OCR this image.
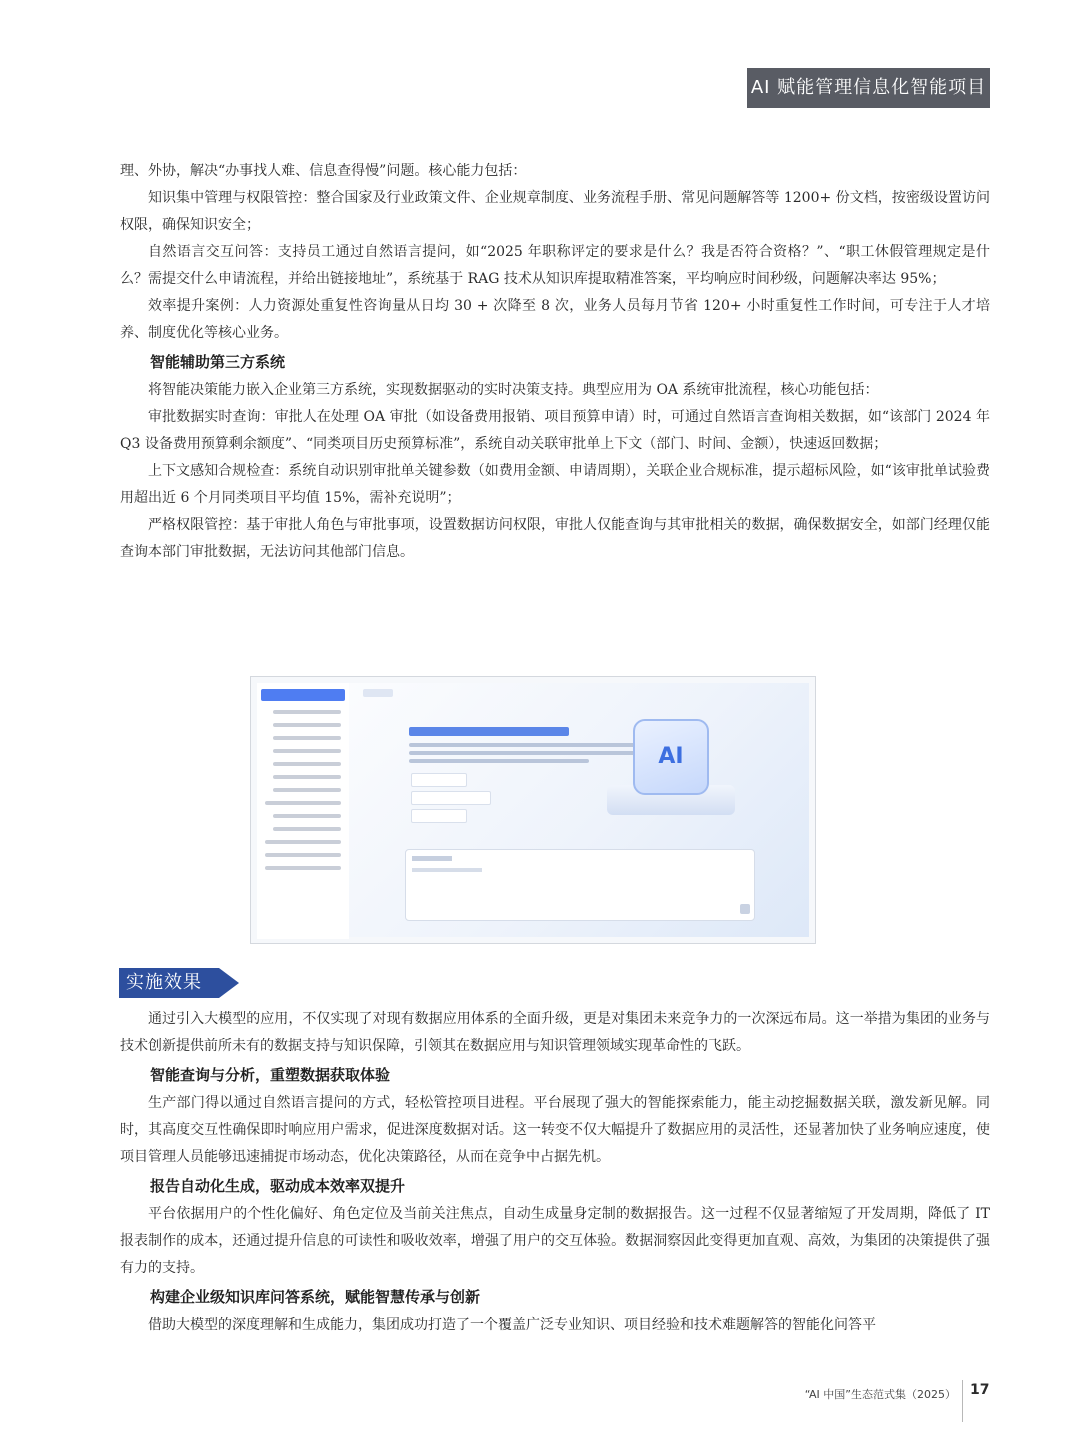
AI 赋能管理信息化智能项目

理、外协，解决“办事找人难、信息查得慢”问题。核心能力包括：

知识集中管理与权限管控：整合国家及行业政策文件、企业规章制度、业务流程手册、常见问题解答等 1200+ 份文档，按密级设置访问权限，确保知识安全；

自然语言交互问答：支持员工通过自然语言提问，如“2025 年职称评定的要求是什么？我是否符合资格？”、“职工休假管理规定是什么？需提交什么申请流程，并给出链接地址”，系统基于 RAG 技术从知识库提取精准答案，平均响应时间秒级，问题解决率达 95%；

效率提升案例：人力资源处重复性咨询量从日均 30 + 次降至 8 次，业务人员每月节省 120+ 小时重复性工作时间，可专注于人才培养、制度优化等核心业务。

智能辅助第三方系统

将智能决策能力嵌入企业第三方系统，实现数据驱动的实时决策支持。典型应用为 OA 系统审批流程，核心功能包括：

审批数据实时查询：审批人在处理 OA 审批（如设备费用报销、项目预算申请）时，可通过自然语言查询相关数据，如“该部门 2024 年 Q3 设备费用预算剩余额度”、“同类项目历史预算标准”，系统自动关联审批单上下文（部门、时间、金额），快速返回数据；

上下文感知合规检查：系统自动识别审批单关键参数（如费用金额、申请周期），关联企业合规标准，提示超标风险，如“该审批单试验费用超出近 6 个月同类项目平均值 15%，需补充说明”；

严格权限管控：基于审批人角色与审批事项，设置数据访问权限，审批人仅能查询与其审批相关的数据，确保数据安全，如部门经理仅能查询本部门审批数据，无法访问其他部门信息。

AI
实施效果

通过引入大模型的应用，不仅实现了对现有数据应用体系的全面升级，更是对集团未来竞争力的一次深远布局。这一举措为集团的业务与技术创新提供前所未有的数据支持与知识保障，引领其在数据应用与知识管理领域实现革命性的飞跃。

智能查询与分析，重塑数据获取体验

生产部门得以通过自然语言提问的方式，轻松管控项目进程。平台展现了强大的智能探索能力，能主动挖掘数据关联，激发新见解。同时，其高度交互性确保即时响应用户需求，促进深度数据对话。这一转变不仅大幅提升了数据应用的灵活性，还显著加快了业务响应速度，使项目管理人员能够迅速捕捉市场动态，优化决策路径，从而在竞争中占据先机。

报告自动化生成，驱动成本效率双提升

平台依据用户的个性化偏好、角色定位及当前关注焦点，自动生成量身定制的数据报告。这一过程不仅显著缩短了开发周期，降低了 IT 报表制作的成本，还通过提升信息的可读性和吸收效率，增强了用户的交互体验。数据洞察因此变得更加直观、高效，为集团的决策提供了强有力的支持。

构建企业级知识库问答系统，赋能智慧传承与创新

借助大模型的深度理解和生成能力，集团成功打造了一个覆盖广泛专业知识、项目经验和技术难题解答的智能化问答平

“AI 中国”生态范式集（2025） 17
